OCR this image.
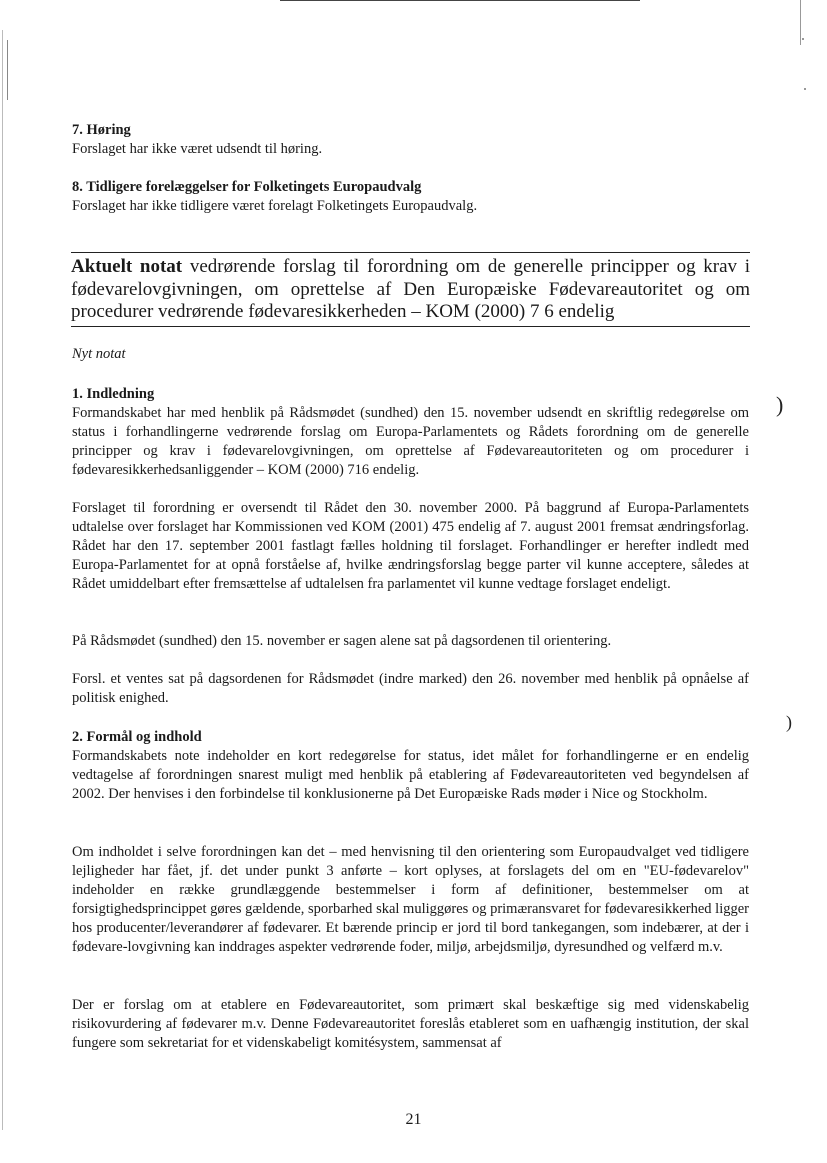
7. Høring

Forslaget har ikke været udsendt til høring.

8. Tidligere forelæggelser for Folketingets Europaudvalg

Forslaget har ikke tidligere været forelagt Folketingets Europaudvalg.

Aktuelt notat vedrørende forslag til forordning om de generelle principper og krav i

fødevarelovgivningen, om oprettelse af Den Europæiske Fødevareautoritet og om

procedurer vedrørende fødevaresikkerheden – KOM (2000) 7 6 endelig

Nyt notat

1. Indledning

Formandskabet har med henblik på Rådsmødet (sundhed) den 15. november udsendt en skriftlig redegørelse om status i forhandlingerne vedrørende forslag om Europa-Parlamentets og Rådets forordning om de generelle principper og krav i fødevarelovgivningen, om oprettelse af Fødevareautoriteten og om procedurer i fødevaresikkerhedsanliggender – KOM (2000) 716 endelig.

Forslaget til forordning er oversendt til Rådet den 30. november 2000. På baggrund af Europa-Parlamentets udtalelse over forslaget har Kommissionen ved KOM (2001) 475 endelig af 7. august 2001 fremsat ændringsforlag. Rådet har den 17. september 2001 fastlagt fælles holdning til forslaget. Forhandlinger er herefter indledt med Europa-Parlamentet for at opnå forståelse af, hvilke ændringsforslag begge parter vil kunne acceptere, således at Rådet umiddelbart efter fremsættelse af udtalelsen fra parlamentet vil kunne vedtage forslaget endeligt.

På Rådsmødet (sundhed) den 15. november er sagen alene sat på dagsordenen til orientering.

Forsl. et ventes sat på dagsordenen for Rådsmødet (indre marked) den 26. november med henblik på opnåelse af politisk enighed.

2. Formål og indhold

Formandskabets note indeholder en kort redegørelse for status, idet målet for forhandlingerne er en endelig vedtagelse af forordningen snarest muligt med henblik på etablering af Fødevareautoriteten ved begyndelsen af 2002. Der henvises i den forbindelse til konklusionerne på Det Europæiske Rads møder i Nice og Stockholm.

Om indholdet i selve forordningen kan det – med henvisning til den orientering som Europaudvalget ved tidligere lejligheder har fået, jf. det under punkt 3 anførte – kort oplyses, at forslagets del om en "EU-fødevarelov" indeholder en række grundlæggende bestemmelser i form af definitioner, bestemmelser om at forsigtighedsprincippet gøres gældende, sporbarhed skal muliggøres og primæransvaret for fødevaresikkerhed ligger hos producenter/leverandører af fødevarer. Et bærende princip er jord til bord tankegangen, som indebærer, at der i fødevare-lovgivning kan inddrages aspekter vedrørende foder, miljø, arbejdsmiljø, dyresundhed og velfærd m.v.

Der er forslag om at etablere en Fødevareautoritet, som primært skal beskæftige sig med videnskabelig risikovurdering af fødevarer m.v. Denne Fødevareautoritet foreslås etableret som en uafhængig institution, der skal fungere som sekretariat for et videnskabeligt komitésystem, sammensat af

)
)
21
